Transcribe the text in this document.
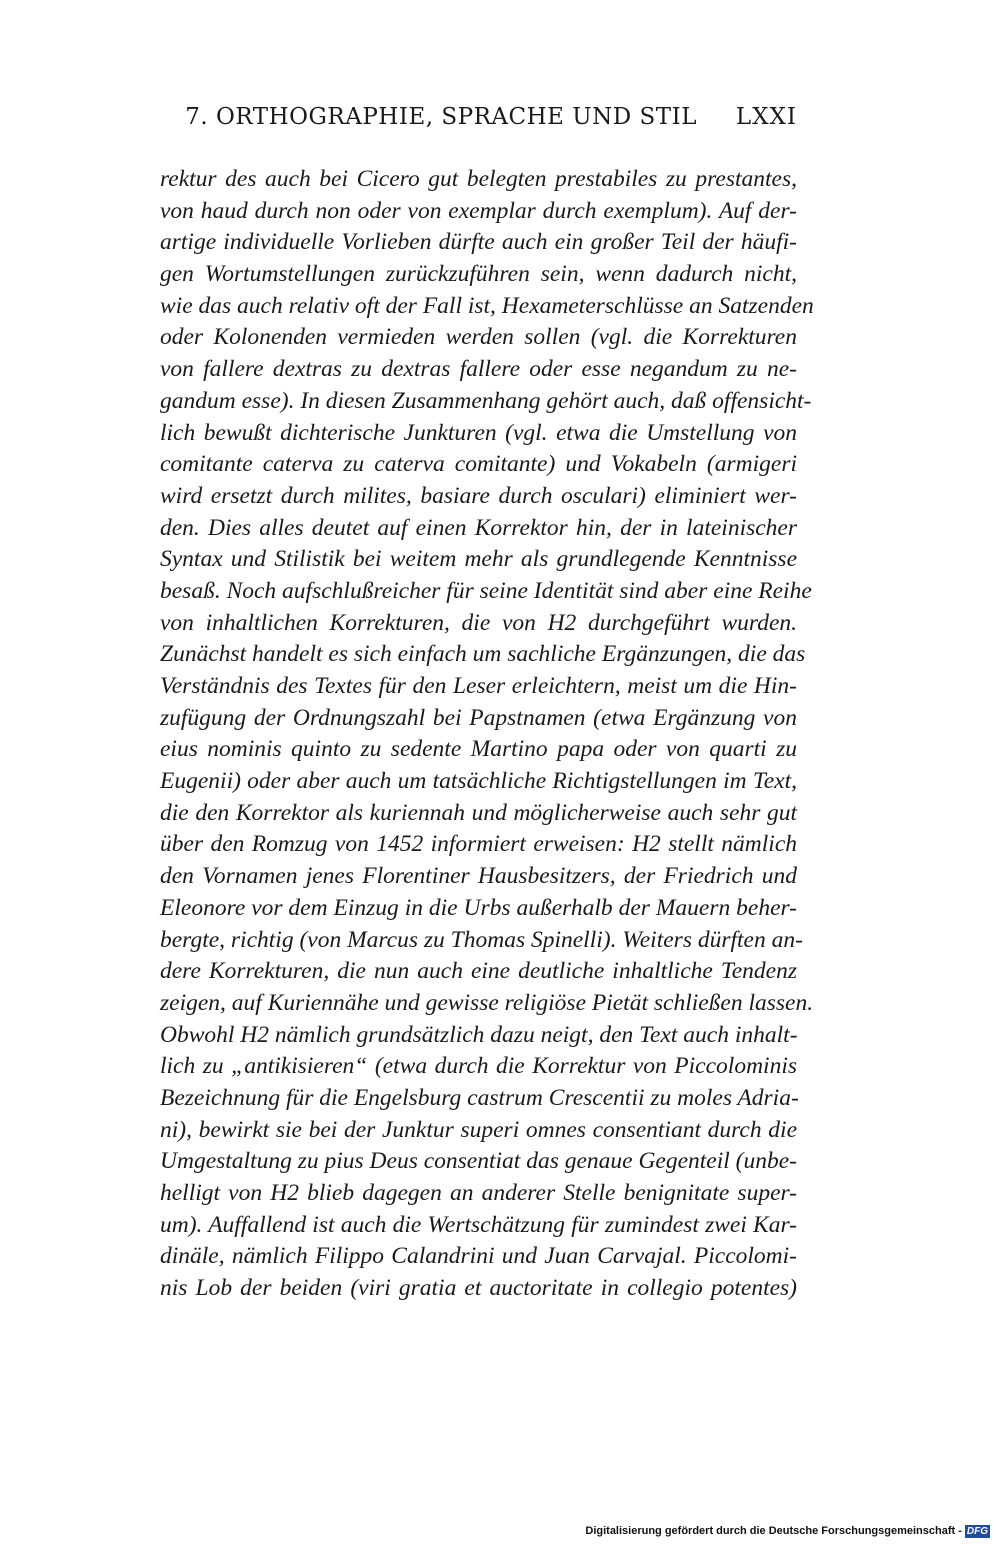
7. ORTHOGRAPHIE, SPRACHE UND STIL LXXI
rektur des auch bei Cicero gut belegten prestabiles zu prestantes,
von haud durch non oder von exemplar durch exemplum). Auf der-
artige individuelle Vorlieben dürfte auch ein großer Teil der häufi-
gen Wortumstellungen zurückzuführen sein, wenn dadurch nicht,
wie das auch relativ oft der Fall ist, Hexameterschlüsse an Satzenden
oder Kolonenden vermieden werden sollen (vgl. die Korrekturen
von fallere dextras zu dextras fallere oder esse negandum zu ne-
gandum esse). In diesen Zusammenhang gehört auch, daß offensicht-
lich bewußt dichterische Junkturen (vgl. etwa die Umstellung von
comitante caterva zu caterva comitante) und Vokabeln (armigeri
wird ersetzt durch milites, basiare durch osculari) eliminiert wer-
den. Dies alles deutet auf einen Korrektor hin, der in lateinischer
Syntax und Stilistik bei weitem mehr als grundlegende Kenntnisse
besaß. Noch aufschlußreicher für seine Identität sind aber eine Reihe
von inhaltlichen Korrekturen, die von H2 durchgeführt wurden.
Zunächst handelt es sich einfach um sachliche Ergänzungen, die das
Verständnis des Textes für den Leser erleichtern, meist um die Hin-
zufügung der Ordnungszahl bei Papstnamen (etwa Ergänzung von
eius nominis quinto zu sedente Martino papa oder von quarti zu
Eugenii) oder aber auch um tatsächliche Richtigstellungen im Text,
die den Korrektor als kuriennah und möglicherweise auch sehr gut
über den Romzug von 1452 informiert erweisen: H2 stellt nämlich
den Vornamen jenes Florentiner Hausbesitzers, der Friedrich und
Eleonore vor dem Einzug in die Urbs außerhalb der Mauern beher-
bergte, richtig (von Marcus zu Thomas Spinelli). Weiters dürften an-
dere Korrekturen, die nun auch eine deutliche inhaltliche Tendenz
zeigen, auf Kuriennähe und gewisse religiöse Pietät schließen lassen.
Obwohl H2 nämlich grundsätzlich dazu neigt, den Text auch inhalt-
lich zu „antikisieren“ (etwa durch die Korrektur von Piccolominis
Bezeichnung für die Engelsburg castrum Crescentii zu moles Adria-
ni), bewirkt sie bei der Junktur superi omnes consentiant durch die
Umgestaltung zu pius Deus consentiat das genaue Gegenteil (unbe-
helligt von H2 blieb dagegen an anderer Stelle benignitate super-
um). Auffallend ist auch die Wertschätzung für zumindest zwei Kar-
dinäle, nämlich Filippo Calandrini und Juan Carvajal. Piccolomi-
nis Lob der beiden (viri gratia et auctoritate in collegio potentes)
Digitalisierung gefördert durch die Deutsche Forschungsgemeinschaft - DFG
